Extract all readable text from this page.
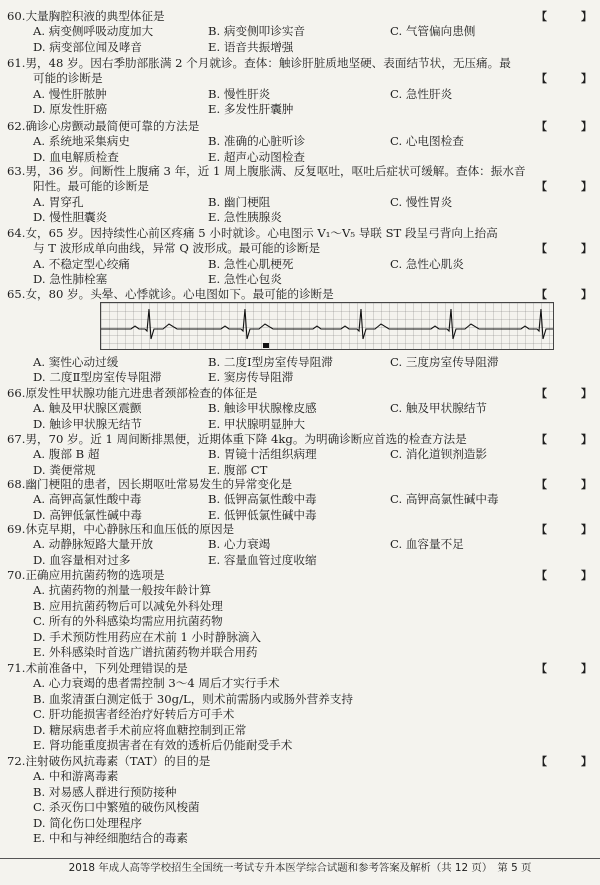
60.大量胸腔积液的典型体征是	【	】
A. 病变侧呼吸动度加大	B. 病变侧叩诊实音	C. 气管偏向患侧
D. 病变部位闻及哮音	E. 语音共振增强
61.男，48 岁。因右季肋部胀满 2 个月就诊。查体：触诊肝脏质地坚硬、表面结节状，无压痛。最
可能的诊断是	【	】
A. 慢性肝脓肿	B. 慢性肝炎	C. 急性肝炎
D. 原发性肝癌	E. 多发性肝囊肿
62.确诊心房颤动最简便可靠的方法是	【	】
A. 系统地采集病史	B. 准确的心脏听诊	C. 心电图检查
D. 血电解质检查	E. 超声心动图检查
63.男，36 岁。间断性上腹痛 3 年，近 1 周上腹胀满、反复呕吐，呕吐后症状可缓解。查体：振水音
阳性。最可能的诊断是	【	】
A. 胃穿孔	B. 幽门梗阻	C. 慢性胃炎
D. 慢性胆囊炎	E. 急性胰腺炎
64.女，65 岁。因持续性心前区疼痛 5 小时就诊。心电图示 V₁～V₅ 导联 ST 段呈弓背向上抬高
与 T 波形成单向曲线，异常 Q 波形成。最可能的诊断是	【	】
A. 不稳定型心绞痛	B. 急性心肌梗死	C. 急性心肌炎
D. 急性肺栓塞	E. 急性心包炎
65.女，80 岁。头晕、心悸就诊。心电图如下。最可能的诊断是	【	】
A. 窦性心动过缓	B. 二度Ⅰ型房室传导阻滞	C. 三度房室传导阻滞
D. 二度Ⅱ型房室传导阻滞	E. 窦房传导阻滞
66.原发性甲状腺功能亢进患者颈部检查的体征是	【	】
A. 触及甲状腺区震颤	B. 触诊甲状腺橡皮感	C. 触及甲状腺结节
D. 触诊甲状腺无结节	E. 甲状腺明显肿大
67.男，70 岁。近 1 周间断排黑便，近期体重下降 4kg。为明确诊断应首选的检查方法是	【	】
A. 腹部 B 超	B. 胃镜十活组织病理	C. 消化道钡剂造影
D. 粪便常规	E. 腹部 CT
68.幽门梗阻的患者，因长期呕吐常易发生的异常变化是	【	】
A. 高钾高氯性酸中毒	B. 低钾高氯性酸中毒	C. 高钾高氯性碱中毒
D. 高钾低氯性碱中毒	E. 低钾低氯性碱中毒
69.休克早期，中心静脉压和血压低的原因是	【	】
A. 动静脉短路大量开放	B. 心力衰竭	C. 血容量不足
D. 血容量相对过多	E. 容量血管过度收缩
70.正确应用抗菌药物的选项是	【	】
A. 抗菌药物的剂量一般按年龄计算
B. 应用抗菌药物后可以减免外科处理
C. 所有的外科感染均需应用抗菌药物
D. 手术预防性用药应在术前 1 小时静脉滴入
E. 外科感染时首选广谱抗菌药物并联合用药
71.术前准备中，下列处理错误的是	【	】
A. 心力衰竭的患者需控制 3～4 周后才实行手术
B. 血浆清蛋白测定低于 30g/L，则术前需肠内或肠外营养支持
C. 肝功能损害者经治疗好转后方可手术
D. 糖尿病患者手术前应将血糖控制到正常
E. 肾功能重度损害者在有效的透析后仍能耐受手术
72.注射破伤风抗毒素（TAT）的目的是	【	】
A. 中和游离毒素
B. 对易感人群进行预防接种
C. 杀灭伤口中繁殖的破伤风梭菌
D. 简化伤口处理程序
E. 中和与神经细胞结合的毒素
2018 年成人高等学校招生全国统一考试专升本医学综合试题和参考答案及解析（共 12 页）　第 5 页
